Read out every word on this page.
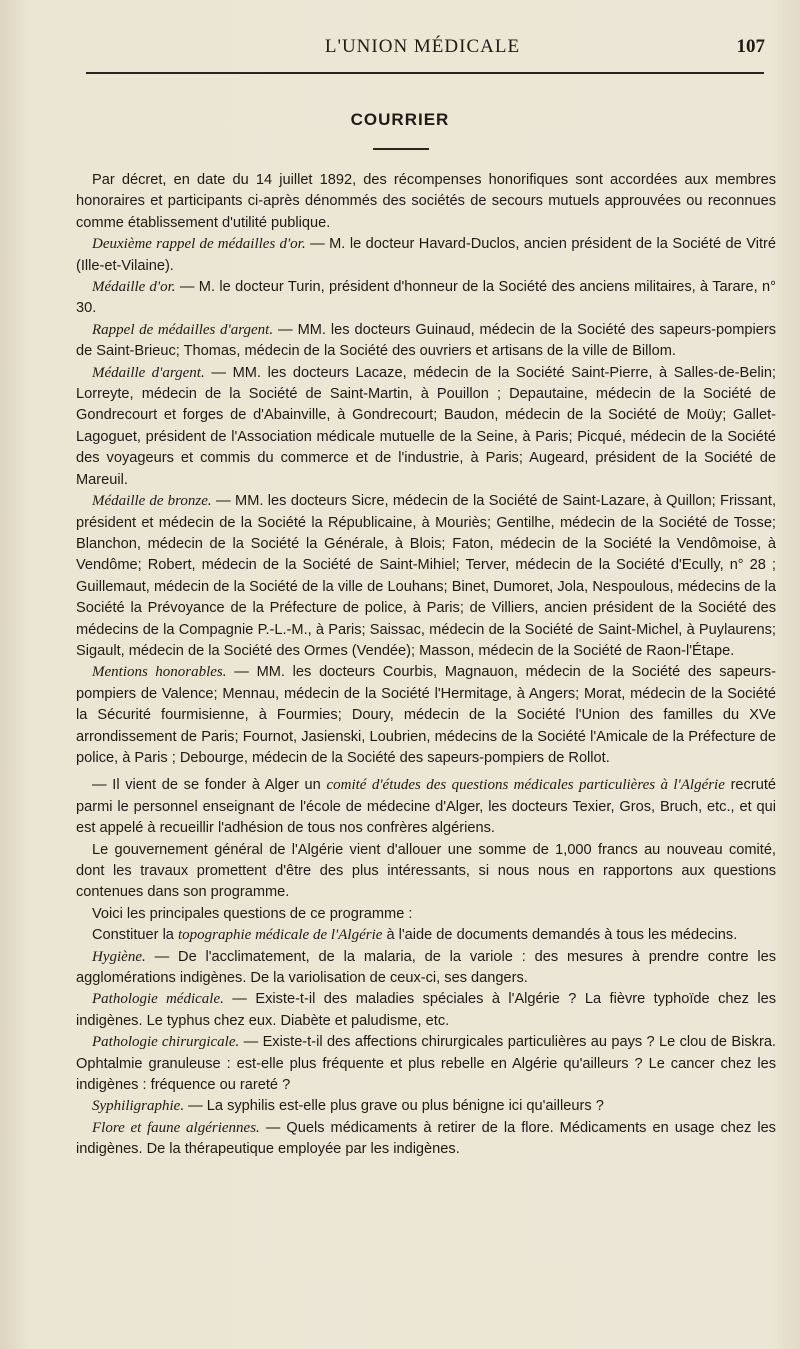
L'UNION MÉDICALE	107
COURRIER

Par décret, en date du 14 juillet 1892, des récompenses honorifiques sont accordées aux membres honoraires et participants ci-après dénommés des sociétés de secours mutuels approuvées ou reconnues comme établissement d'utilité publique.

Deuxième rappel de médailles d'or. — M. le docteur Havard-Duclos, ancien président de la Société de Vitré (Ille-et-Vilaine).

Médaille d'or. — M. le docteur Turin, président d'honneur de la Société des anciens militaires, à Tarare, n° 30.

Rappel de médailles d'argent. — MM. les docteurs Guinaud, médecin de la Société des sapeurs-pompiers de Saint-Brieuc; Thomas, médecin de la Société des ouvriers et artisans de la ville de Billom.

Médaille d'argent. — MM. les docteurs Lacaze, médecin de la Société Saint-Pierre, à Salles-de-Belin; Lorreyte, médecin de la Société de Saint-Martin, à Pouillon ; Depautaine, médecin de la Société de Gondrecourt et forges de d'Abainville, à Gondrecourt; Baudon, médecin de la Société de Moüy; Gallet-Lagoguet, président de l'Association médicale mutuelle de la Seine, à Paris; Picqué, médecin de la Société des voyageurs et commis du commerce et de l'industrie, à Paris; Augeard, président de la Société de Mareuil.

Médaille de bronze. — MM. les docteurs Sicre, médecin de la Société de Saint-Lazare, à Quillon; Frissant, président et médecin de la Société la Républicaine, à Mouriès; Gentilhe, médecin de la Société de Tosse; Blanchon, médecin de la Société la Générale, à Blois; Faton, médecin de la Société la Vendômoise, à Vendôme; Robert, médecin de la Société de Saint-Mihiel; Terver, médecin de la Société d'Ecully, n° 28 ; Guillemaut, médecin de la Société de la ville de Louhans; Binet, Dumoret, Jola, Nespoulous, médecins de la Société la Prévoyance de la Préfecture de police, à Paris; de Villiers, ancien président de la Société des médecins de la Compagnie P.-L.-M., à Paris; Saissac, médecin de la Société de Saint-Michel, à Puylaurens; Sigault, médecin de la Société des Ormes (Vendée); Masson, médecin de la Société de Raon-l'Étape.

Mentions honorables. — MM. les docteurs Courbis, Magnauon, médecin de la Société des sapeurs-pompiers de Valence; Mennau, médecin de la Société l'Hermitage, à Angers; Morat, médecin de la Société la Sécurité fourmisienne, à Fourmies; Doury, médecin de la Société l'Union des familles du XVe arrondissement de Paris; Fournot, Jasienski, Loubrien, médecins de la Société l'Amicale de la Préfecture de police, à Paris ; Debourge, médecin de la Société des sapeurs-pompiers de Rollot.

— Il vient de se fonder à Alger un comité d'études des questions médicales particulières à l'Algérie recruté parmi le personnel enseignant de l'école de médecine d'Alger, les docteurs Texier, Gros, Bruch, etc., et qui est appelé à recueillir l'adhésion de tous nos confrères algériens.

Le gouvernement général de l'Algérie vient d'allouer une somme de 1,000 francs au nouveau comité, dont les travaux promettent d'être des plus intéressants, si nous nous en rapportons aux questions contenues dans son programme.

Voici les principales questions de ce programme :

Constituer la topographie médicale de l'Algérie à l'aide de documents demandés à tous les médecins.

Hygiène. — De l'acclimatement, de la malaria, de la variole : des mesures à prendre contre les agglomérations indigènes. De la variolisation de ceux-ci, ses dangers.

Pathologie médicale. — Existe-t-il des maladies spéciales à l'Algérie ? La fièvre typhoïde chez les indigènes. Le typhus chez eux. Diabète et paludisme, etc.

Pathologie chirurgicale. — Existe-t-il des affections chirurgicales particulières au pays ? Le clou de Biskra. Ophtalmie granuleuse : est-elle plus fréquente et plus rebelle en Algérie qu'ailleurs ? Le cancer chez les indigènes : fréquence ou rareté ?

Syphiligraphie. — La syphilis est-elle plus grave ou plus bénigne ici qu'ailleurs ?

Flore et faune algériennes. — Quels médicaments à retirer de la flore. Médicaments en usage chez les indigènes. De la thérapeutique employée par les indigènes.
